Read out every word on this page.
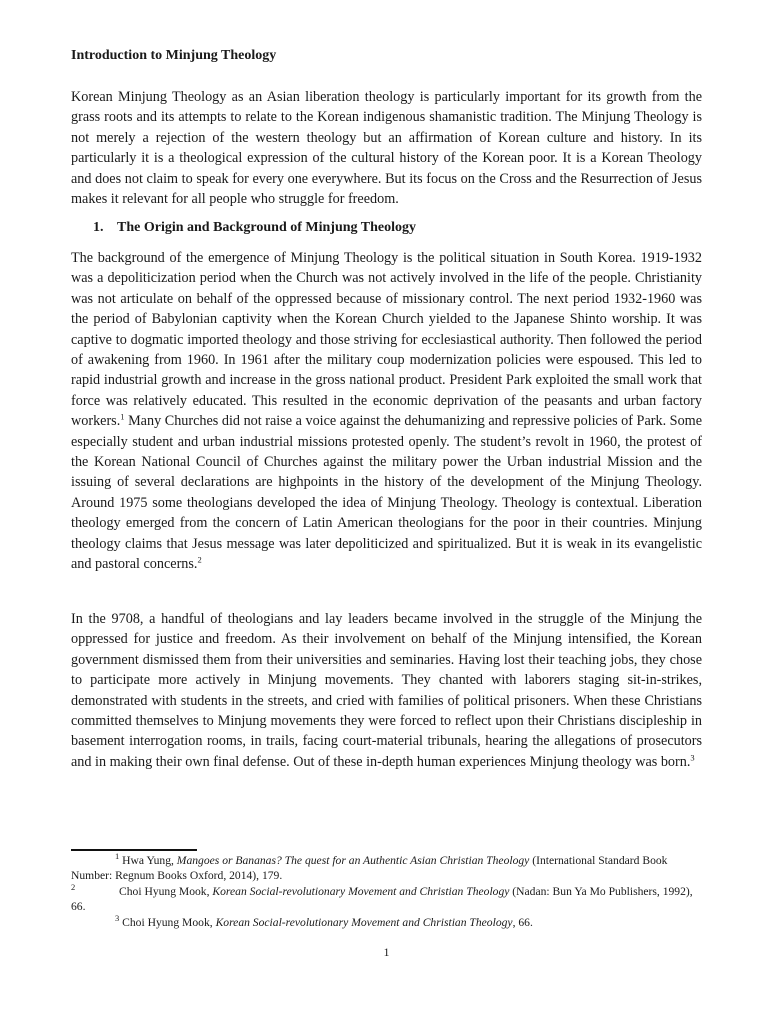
Introduction to Minjung Theology

Korean Minjung Theology as an Asian liberation theology is particularly important for its growth from the grass roots and its attempts to relate to the Korean indigenous shamanistic tradition. The Minjung Theology is not merely a rejection of the western theology but an affirmation of Korean culture and history. In its particularly it is a theological expression of the cultural history of the Korean poor. It is a Korean Theology and does not claim to speak for every one everywhere. But its focus on the Cross and the Resurrection of Jesus makes it relevant for all people who struggle for freedom.

1. The Origin and Background of Minjung Theology

The background of the emergence of Minjung Theology is the political situation in South Korea. 1919-1932 was a depoliticization period when the Church was not actively involved in the life of the people. Christianity was not articulate on behalf of the oppressed because of missionary control. The next period 1932-1960 was the period of Babylonian captivity when the Korean Church yielded to the Japanese Shinto worship. It was captive to dogmatic imported theology and those striving for ecclesiastical authority. Then followed the period of awakening from 1960. In 1961 after the military coup modernization policies were espoused. This led to rapid industrial growth and increase in the gross national product. President Park exploited the small work that force was relatively educated. This resulted in the economic deprivation of the peasants and urban factory workers.$^1$ Many Churches did not raise a voice against the dehumanizing and repressive policies of Park. Some especially student and urban industrial missions protested openly. The student’s revolt in 1960, the protest of the Korean National Council of Churches against the military power the Urban industrial Mission and the issuing of several declarations are highpoints in the history of the development of the Minjung Theology. Around 1975 some theologians developed the idea of Minjung Theology. Theology is contextual. Liberation theology emerged from the concern of Latin American theologians for the poor in their countries. Minjung theology claims that Jesus message was later depoliticized and spiritualized. But it is weak in its evangelistic and pastoral concerns.$^2$

In the 9708, a handful of theologians and lay leaders became involved in the struggle of the Minjung the oppressed for justice and freedom. As their involvement on behalf of the Minjung intensified, the Korean government dismissed them from their universities and seminaries. Having lost their teaching jobs, they chose to participate more actively in Minjung movements. They chanted with laborers staging sit-in-strikes, demonstrated with students in the streets, and cried with families of political prisoners. When these Christians committed themselves to Minjung movements they were forced to reflect upon their Christians discipleship in basement interrogation rooms, in trails, facing court-material tribunals, hearing the allegations of prosecutors and in making their own final defense. Out of these in-depth human experiences Minjung theology was born.$^3$

$^1$ Hwa Yung, Mangoes or Bananas? The quest for an Authentic Asian Christian Theology (International Standard Book Number: Regnum Books Oxford, 2014), 179.

$^2$	Choi Hyung Mook, Korean Social-revolutionary Movement and Christian Theology (Nadan: Bun Ya Mo Publishers, 1992), 66.

$^3$ Choi Hyung Mook, Korean Social-revolutionary Movement and Christian Theology, 66.

1
